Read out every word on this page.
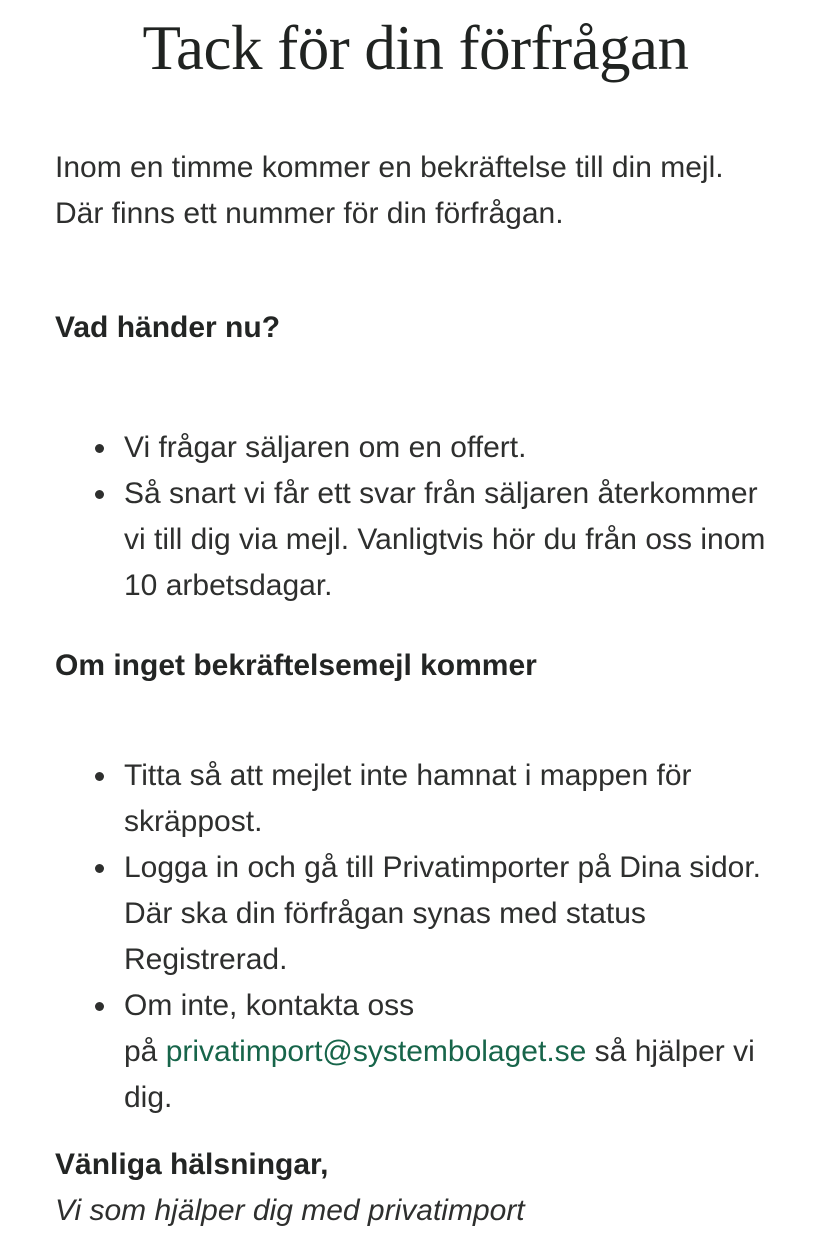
Tack för din förfrågan

Inom en timme kommer en bekräftelse till din mejl. Där finns ett nummer för din förfrågan.

Vad händer nu?
• Vi frågar säljaren om en offert.
• Så snart vi får ett svar från säljaren återkommer vi till dig via mejl. Vanligtvis hör du från oss inom 10 arbetsdagar.
Om inget bekräftelsemejl kommer
• Titta så att mejlet inte hamnat i mappen för skräppost.
• Logga in och gå till Privatimporter på Dina sidor. Där ska din förfrågan synas med status Registrerad.
• Om inte, kontakta oss på privatimport@systembolaget.se så hjälper vi dig.

Vänliga hälsningar,

Vi som hjälper dig med privatimport
